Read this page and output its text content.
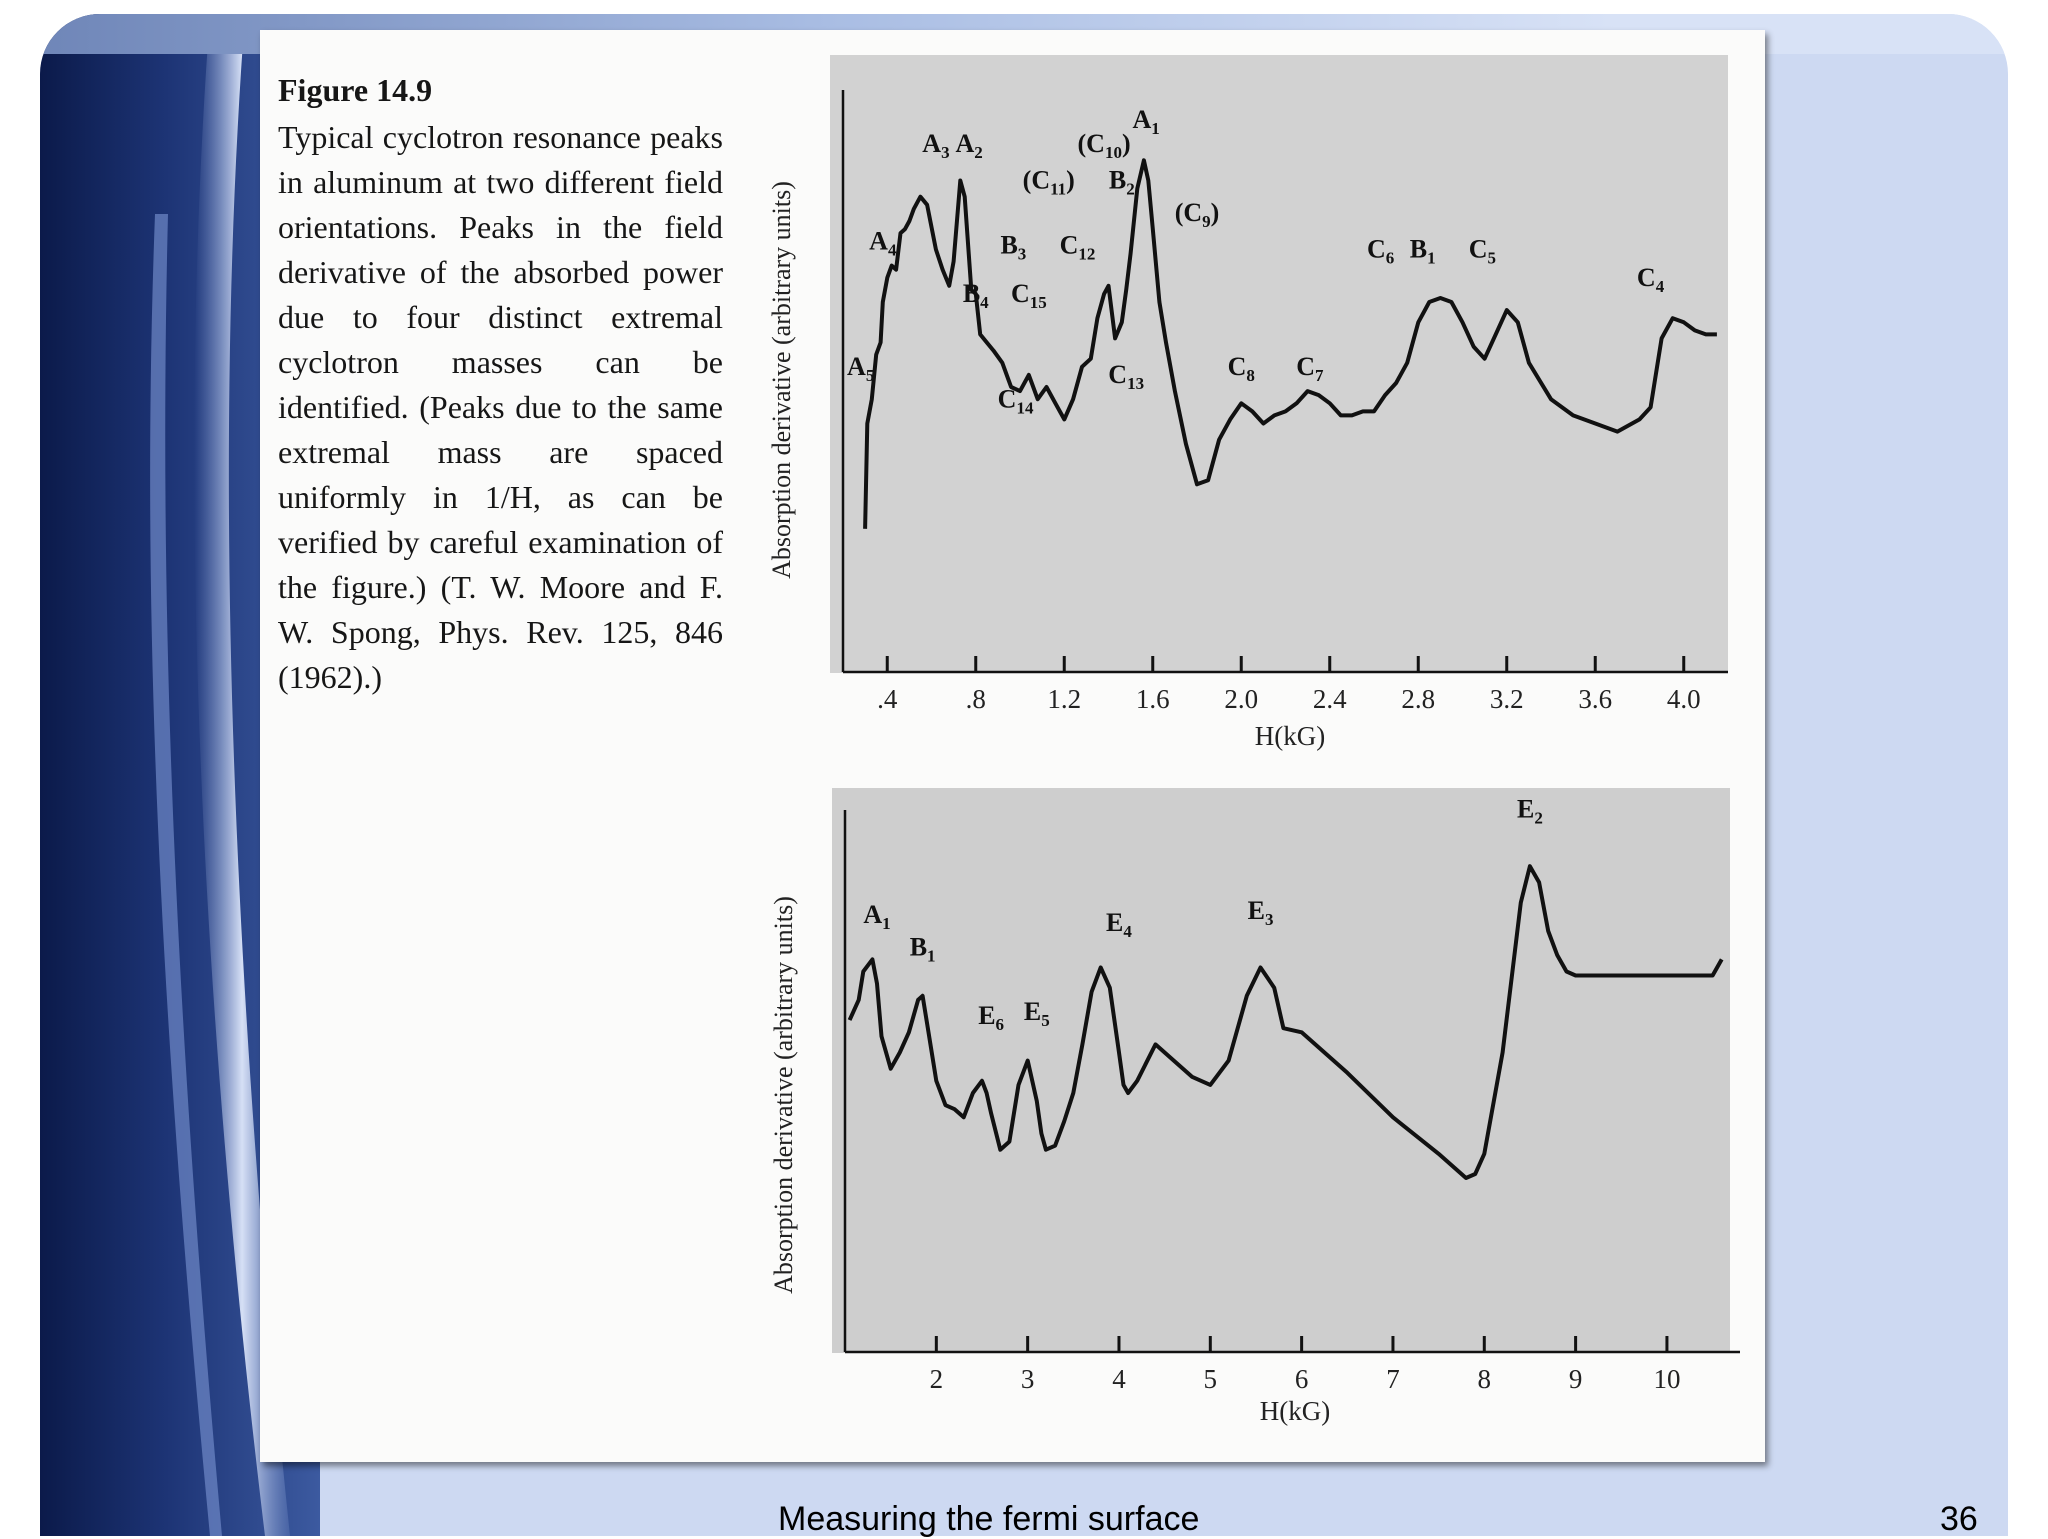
Figure 14.9
Typical cyclotron resonance peaks in aluminum at two different field orientations. Peaks in the field derivative of the absorbed power due to four distinct extremal cyclotron masses can be identified. (Peaks due to the same extremal mass are spaced uniformly in 1/H, as can be verified by careful examination of the figure.) (T. W. Moore and F. W. Spong, Phys. Rev. 125, 846 (1962).)
.4	.8 1.2 1.6 2.0 2.4 2.8 3.2 3.6 4.0
$A_1$
$A_2$
$A_3$
$A_4$
$A_5$
$B_1$
$B_2$
$B_3$
$B_4$
$C_4$
$C_5$
$C_6$
$C_7$
$C_8$
$(C_9)$
$(C_{10})$
$(C_{11})$
$C_{12}$
$C_{13}$
$C_{14}$
$C_{15}$
H(kG)
Absorption derivative (arbitrary units)
2	3	4	5	6	7	8	9	10
$A_1$
$B_1$
$E_2$
$E_3$
$E_4$
$E_5$
$E_6$
H(kG)
Absorption derivative (arbitrary units)
Measuring the fermi surface	36
